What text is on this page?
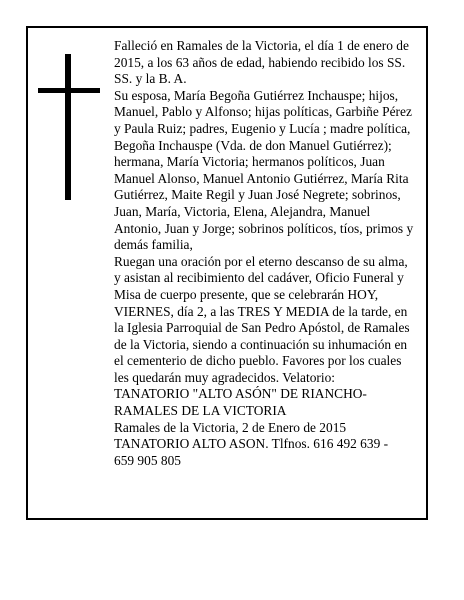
Falleció en Ramales de la Victoria, el día 1 de enero de
2015, a los 63 años de edad, habiendo recibido los SS.
SS. y la B. A.
Su esposa, María Begoña Gutiérrez Inchauspe; hijos,
Manuel, Pablo y Alfonso; hijas políticas, Garbiñe Pérez
y Paula Ruiz; padres, Eugenio y Lucía ; madre política,
Begoña Inchauspe (Vda. de don Manuel Gutiérrez);
hermana, María Victoria; hermanos políticos, Juan
Manuel Alonso, Manuel Antonio Gutiérrez, María Rita
Gutiérrez, Maite Regil y Juan José Negrete; sobrinos,
Juan, María, Victoria, Elena, Alejandra, Manuel
Antonio, Juan y Jorge; sobrinos políticos, tíos, primos y
demás familia,
Ruegan una oración por el eterno descanso de su alma,
y asistan al recibimiento del cadáver, Oficio Funeral y
Misa de cuerpo presente, que se celebrarán HOY,
VIERNES, día 2, a las TRES Y MEDIA de la tarde, en
la Iglesia Parroquial de San Pedro Apóstol, de Ramales
de la Victoria, siendo a continuación su inhumación en
el cementerio de dicho pueblo. Favores por los cuales
les quedarán muy agradecidos. Velatorio:
TANATORIO "ALTO ASÓN" DE RIANCHO-
RAMALES DE LA VICTORIA
Ramales de la Victoria, 2 de Enero de 2015
TANATORIO ALTO ASON. Tlfnos. 616 492 639 -
659 905 805
